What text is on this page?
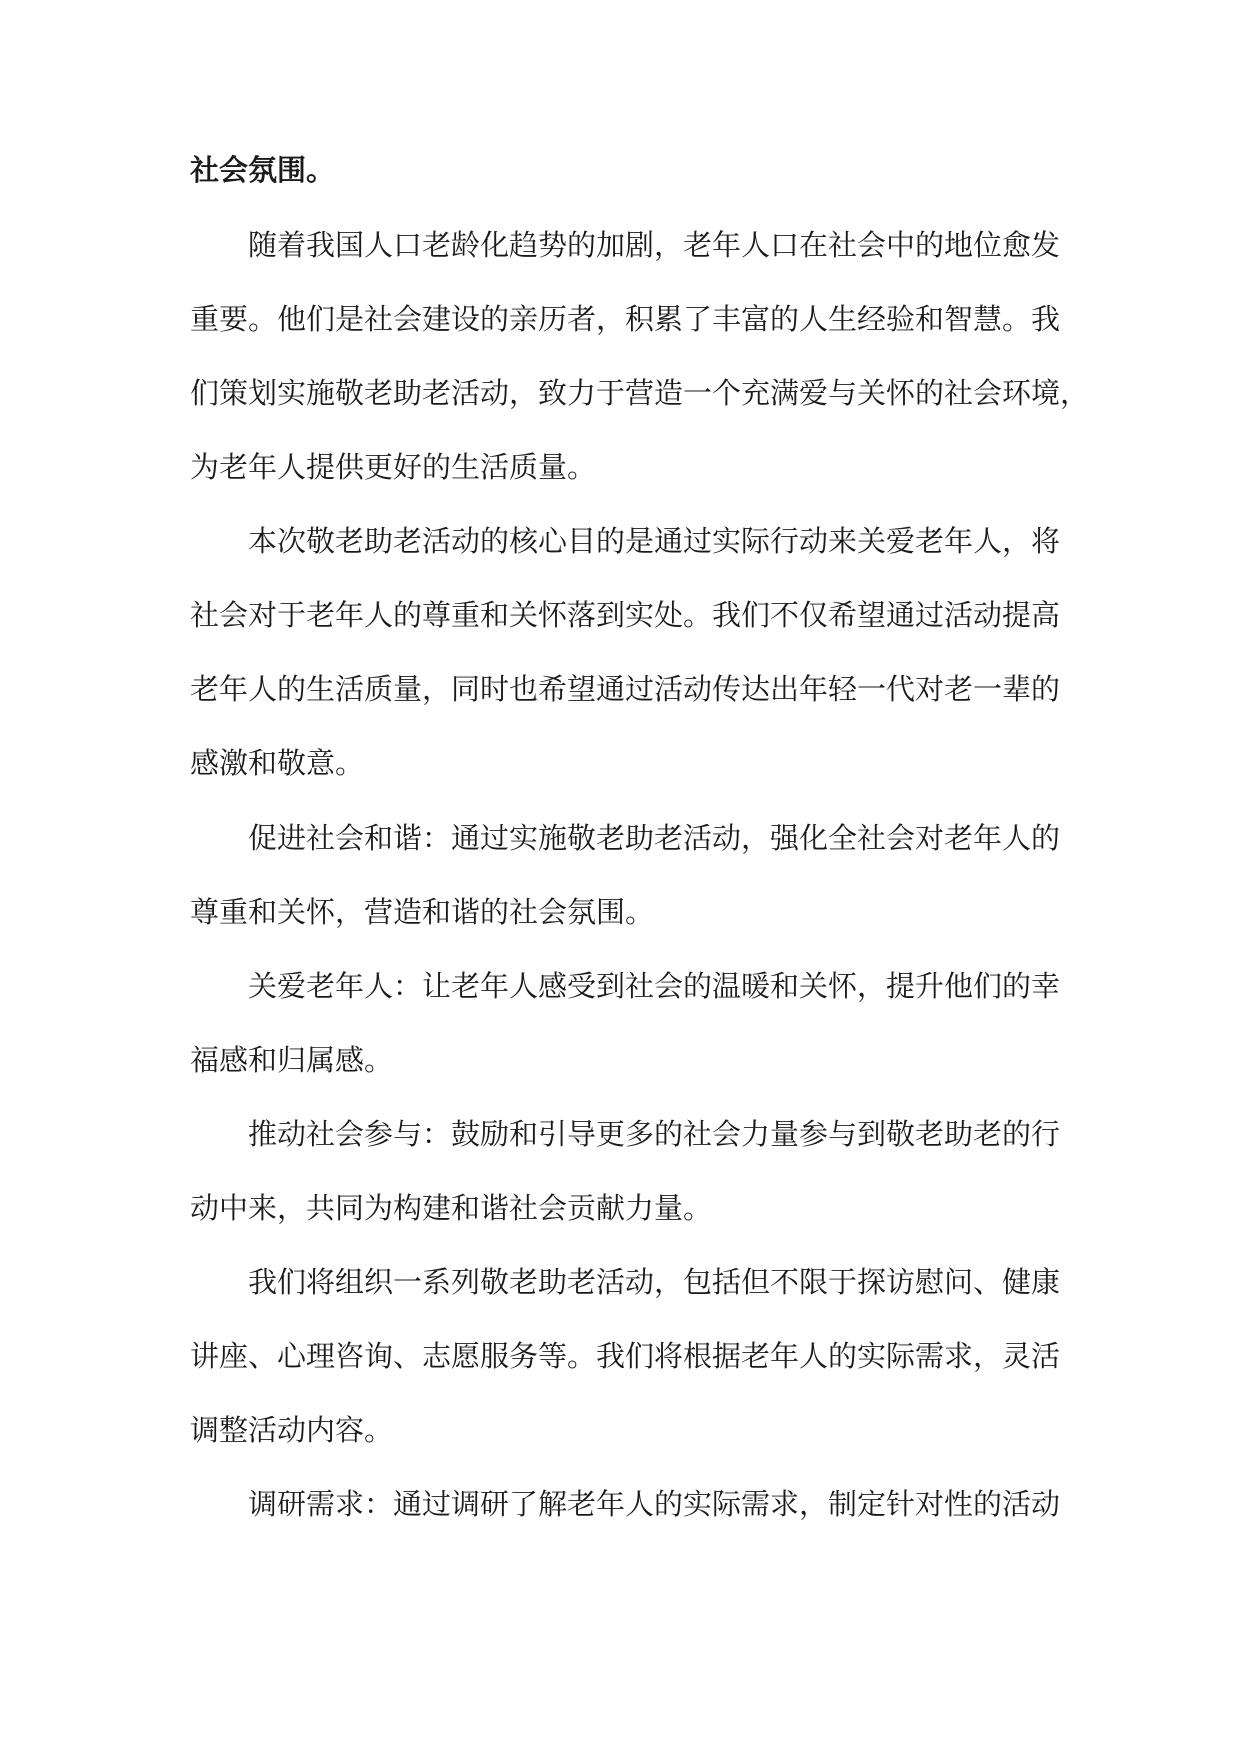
社会氛围。
随着我国人口老龄化趋势的加剧，老年人口在社会中的地位愈发
重要。他们是社会建设的亲历者，积累了丰富的人生经验和智慧。我
们策划实施敬老助老活动，致力于营造一个充满爱与关怀的社会环境，
为老年人提供更好的生活质量。
本次敬老助老活动的核心目的是通过实际行动来关爱老年人，将
社会对于老年人的尊重和关怀落到实处。我们不仅希望通过活动提高
老年人的生活质量，同时也希望通过活动传达出年轻一代对老一辈的
感激和敬意。
促进社会和谐：通过实施敬老助老活动，强化全社会对老年人的
尊重和关怀，营造和谐的社会氛围。
关爱老年人：让老年人感受到社会的温暖和关怀，提升他们的幸
福感和归属感。
推动社会参与：鼓励和引导更多的社会力量参与到敬老助老的行
动中来，共同为构建和谐社会贡献力量。
我们将组织一系列敬老助老活动，包括但不限于探访慰问、健康
讲座、心理咨询、志愿服务等。我们将根据老年人的实际需求，灵活
调整活动内容。
调研需求：通过调研了解老年人的实际需求，制定针对性的活动
